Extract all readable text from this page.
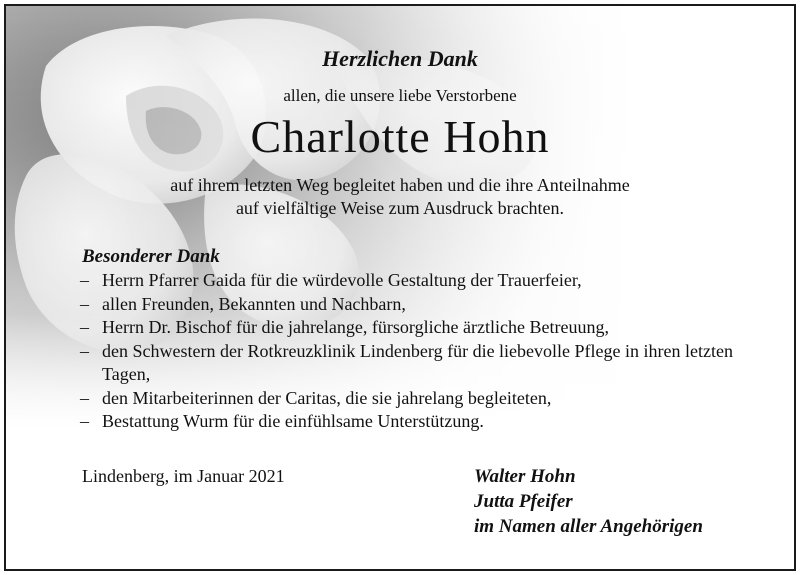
Herzlichen Dank
allen, die unsere liebe Verstorbene
Charlotte Hohn
auf ihrem letzten Weg begleitet haben und die ihre Anteilnahme
auf vielfältige Weise zum Ausdruck brachten.
Besonderer Dank
– Herrn Pfarrer Gaida für die würdevolle Gestaltung der Trauerfeier,
– allen Freunden, Bekannten und Nachbarn,
– Herrn Dr. Bischof für die jahrelange, fürsorgliche ärztliche Betreuung,
– den Schwestern der Rotkreuzklinik Lindenberg für die liebevolle Pflege in ihren letzten Tagen,
– den Mitarbeiterinnen der Caritas, die sie jahrelang begleiteten,
– Bestattung Wurm für die einfühlsame Unterstützung.
Lindenberg, im Januar 2021	Walter Hohn
Jutta Pfeifer
im Namen aller Angehörigen
